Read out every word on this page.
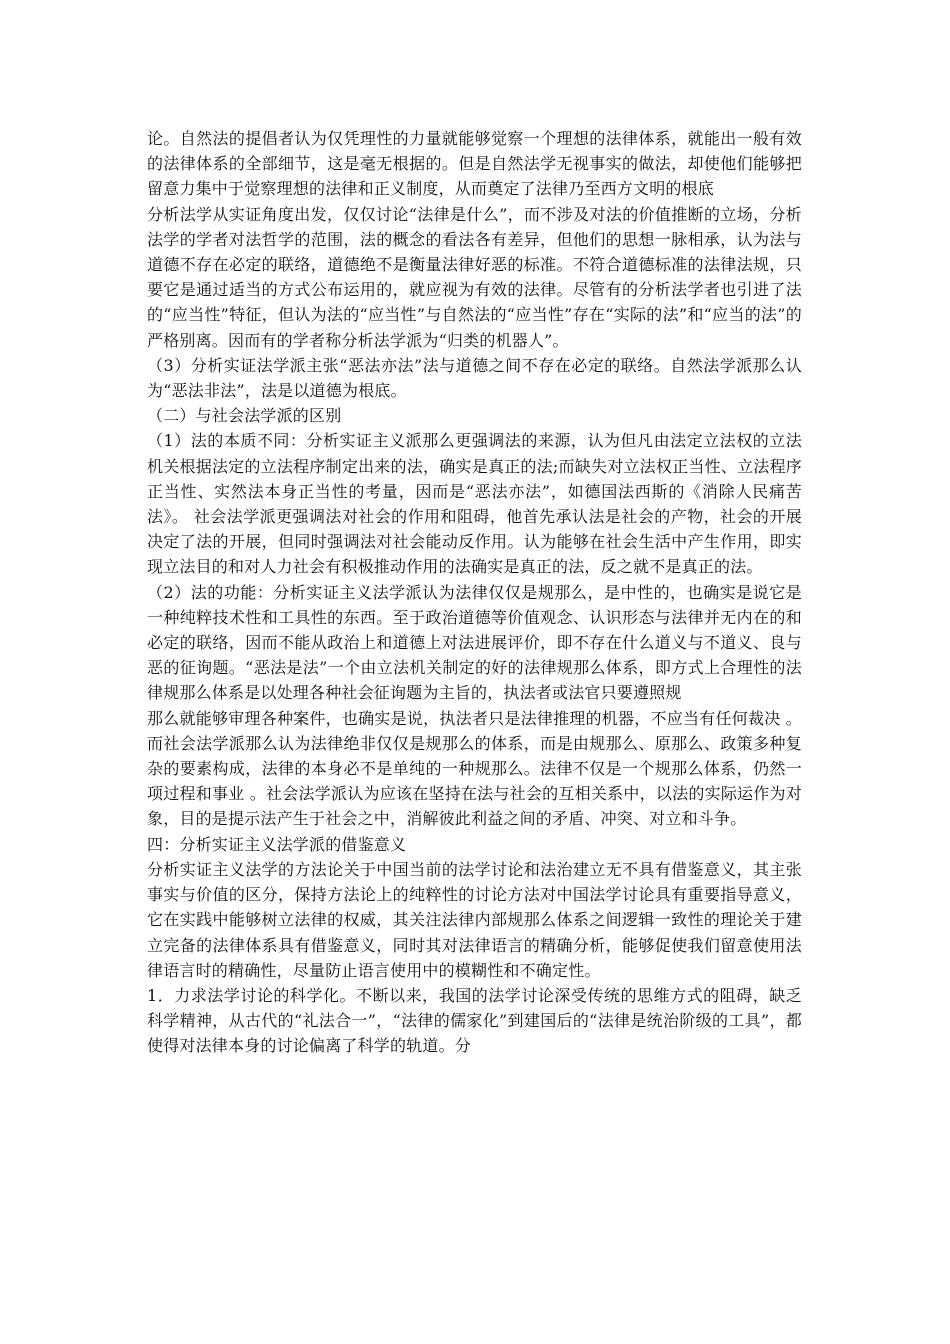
论。自然法的提倡者认为仅凭理性的力量就能够觉察一个理想的法律体系，就能出一般有效的法律体系的全部细节，这是毫无根据的。但是自然法学无视事实的做法，却使他们能够把留意力集中于觉察理想的法律和正义制度，从而奠定了法律乃至西方文明的根底

分析法学从实证角度出发，仅仅讨论“法律是什么”，而不涉及对法的价值推断的立场，分析法学的学者对法哲学的范围，法的概念的看法各有差异，但他们的思想一脉相承，认为法与道德不存在必定的联络，道德绝不是衡量法律好恶的标准。不符合道德标准的法律法规，只要它是通过适当的方式公布运用的，就应视为有效的法律。尽管有的分析法学者也引进了法的“应当性”特征，但认为法的“应当性”与自然法的“应当性”存在“实际的法”和“应当的法”的严格别离。因而有的学者称分析法学派为“归类的机器人”。

（3）分析实证法学派主张“恶法亦法”法与道德之间不存在必定的联络。自然法学派那么认为“恶法非法”，法是以道德为根底。

（二）与社会法学派的区别

（1）法的本质不同：分析实证主义派那么更强调法的来源，认为但凡由法定立法权的立法机关根据法定的立法程序制定出来的法，确实是真正的法;而缺失对立法权正当性、立法程序正当性、实然法本身正当性的考量，因而是“恶法亦法”，如德国法西斯的《消除人民痛苦法》。 社会法学派更强调法对社会的作用和阻碍，他首先承认法是社会的产物，社会的开展决定了法的开展，但同时强调法对社会能动反作用。认为能够在社会生活中产生作用，即实现立法目的和对人力社会有积极推动作用的法确实是真正的法，反之就不是真正的法。

（2）法的功能：分析实证主义法学派认为法律仅仅是规那么，是中性的，也确实是说它是一种纯粹技术性和工具性的东西。至于政治道德等价值观念、认识形态与法律并无内在的和必定的联络，因而不能从政治上和道德上对法进展评价，即不存在什么道义与不道义、良与恶的征询题。“恶法是法”一个由立法机关制定的好的法律规那么体系，即方式上合理性的法律规那么体系是以处理各种社会征询题为主旨的，执法者或法官只要遵照规

那么就能够审理各种案件，也确实是说，执法者只是法律推理的机器，不应当有任何裁决 。而社会法学派那么认为法律绝非仅仅是规那么的体系，而是由规那么、原那么、政策多种复杂的要素构成，法律的本身必不是单纯的一种规那么。法律不仅是一个规那么体系，仍然一项过程和事业 。社会法学派认为应该在坚持在法与社会的互相关系中，以法的实际运作为对象，目的是提示法产生于社会之中，消解彼此利益之间的矛盾、冲突、对立和斗争。

四：分析实证主义法学派的借鉴意义

分析实证主义法学的方法论关于中国当前的法学讨论和法治建立无不具有借鉴意义，其主张事实与价值的区分，保持方法论上的纯粹性的讨论方法对中国法学讨论具有重要指导意义，它在实践中能够树立法律的权威，其关注法律内部规那么体系之间逻辑一致性的理论关于建立完备的法律体系具有借鉴意义，同时其对法律语言的精确分析，能够促使我们留意使用法律语言时的精确性，尽量防止语言使用中的模糊性和不确定性。

1．力求法学讨论的科学化。不断以来，我国的法学讨论深受传统的思维方式的阻碍，缺乏科学精神，从古代的“礼法合一”，“法律的儒家化”到建国后的“法律是统治阶级的工具”，都使得对法律本身的讨论偏离了科学的轨道。分
